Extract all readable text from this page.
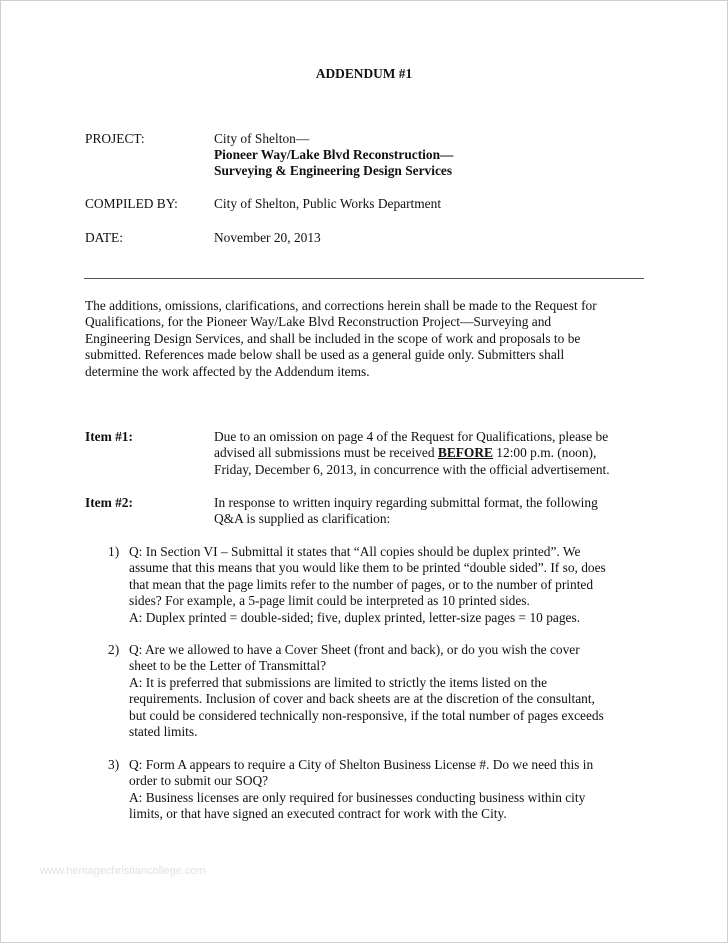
ADDENDUM #1
PROJECT:	City of Shelton—
Pioneer Way/Lake Blvd Reconstruction—
Surveying & Engineering Design Services
COMPILED BY:	City of Shelton, Public Works Department
DATE:	November 20, 2013
The additions, omissions, clarifications, and corrections herein shall be made to the Request for
Qualifications, for the Pioneer Way/Lake Blvd Reconstruction Project—Surveying and
Engineering Design Services, and shall be included in the scope of work and proposals to be
submitted. References made below shall be used as a general guide only. Submitters shall
determine the work affected by the Addendum items.
Item #1:	Due to an omission on page 4 of the Request for Qualifications, please be
advised all submissions must be received BEFORE 12:00 p.m. (noon),
Friday, December 6, 2013, in concurrence with the official advertisement.
Item #2:	In response to written inquiry regarding submittal format, the following
Q&A is supplied as clarification:
1) Q: In Section VI – Submittal it states that “All copies should be duplex printed”. We
assume that this means that you would like them to be printed “double sided”. If so, does
that mean that the page limits refer to the number of pages, or to the number of printed
sides? For example, a 5-page limit could be interpreted as 10 printed sides.
A: Duplex printed = double-sided; five, duplex printed, letter-size pages = 10 pages.
2) Q: Are we allowed to have a Cover Sheet (front and back), or do you wish the cover
sheet to be the Letter of Transmittal?
A: It is preferred that submissions are limited to strictly the items listed on the
requirements. Inclusion of cover and back sheets are at the discretion of the consultant,
but could be considered technically non-responsive, if the total number of pages exceeds
stated limits.
3) Q: Form A appears to require a City of Shelton Business License #. Do we need this in
order to submit our SOQ?
A: Business licenses are only required for businesses conducting business within city
limits, or that have signed an executed contract for work with the City.
www.heritagechristiancollege.com
